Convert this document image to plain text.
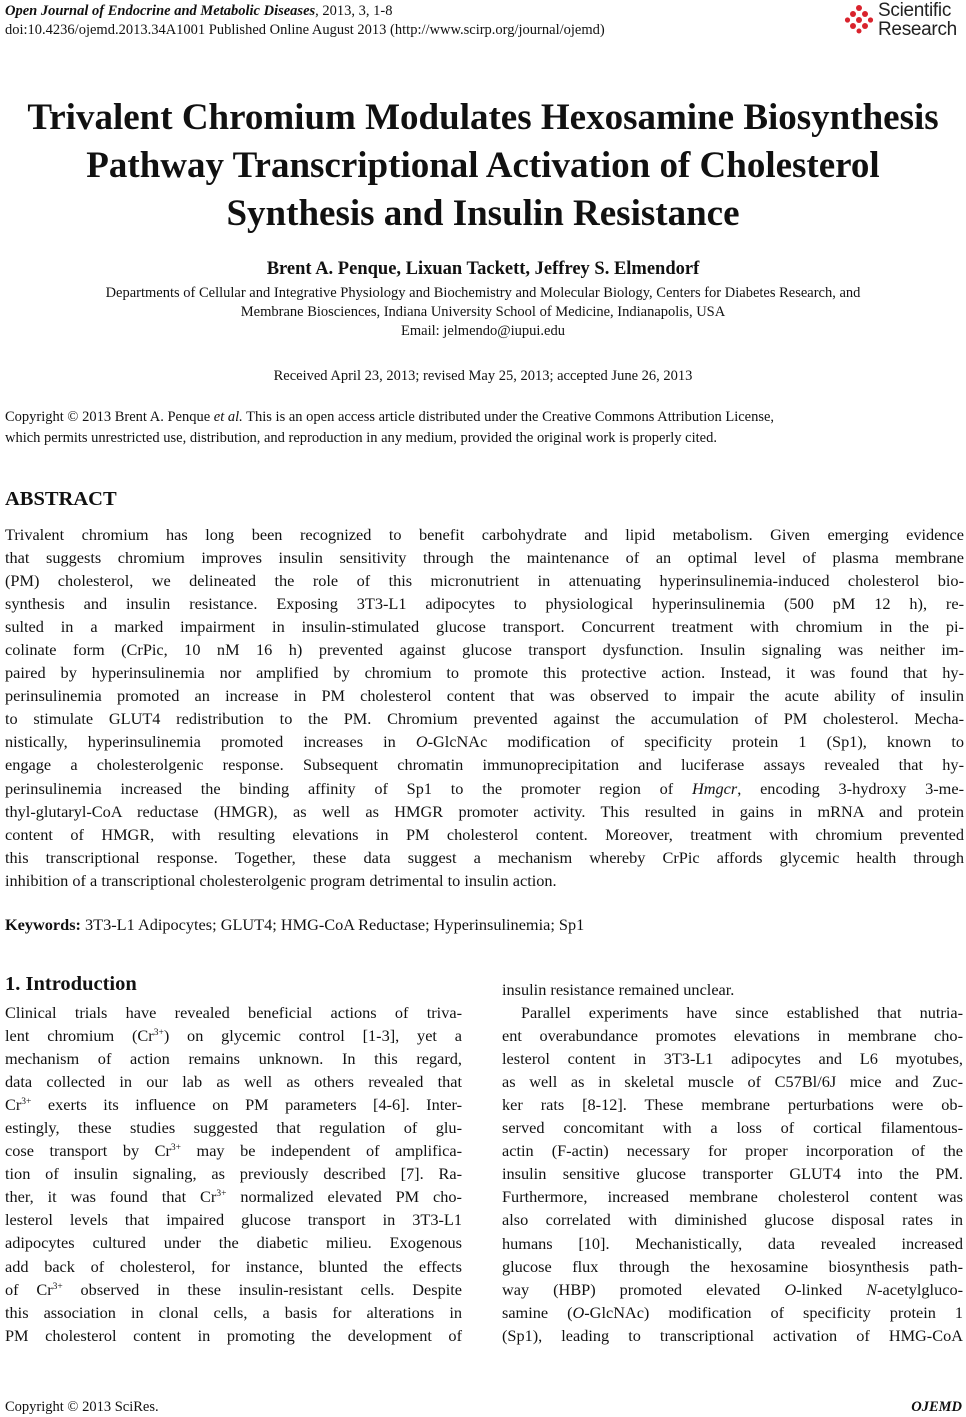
Open Journal of Endocrine and Metabolic Diseases, 2013, 3, 1-8
doi:10.4236/ojemd.2013.34A1001 Published Online August 2013 (http://www.scirp.org/journal/ojemd)
Scientific
Research
Trivalent Chromium Modulates Hexosamine Biosynthesis
Pathway Transcriptional Activation of Cholesterol
Synthesis and Insulin Resistance
Brent A. Penque, Lixuan Tackett, Jeffrey S. Elmendorf
Departments of Cellular and Integrative Physiology and Biochemistry and Molecular Biology, Centers for Diabetes Research, and
Membrane Biosciences, Indiana University School of Medicine, Indianapolis, USA
Email: jelmendo@iupui.edu
Received April 23, 2013; revised May 25, 2013; accepted June 26, 2013
Copyright © 2013 Brent A. Penque et al. This is an open access article distributed under the Creative Commons Attribution License,
which permits unrestricted use, distribution, and reproduction in any medium, provided the original work is properly cited.
ABSTRACT
Trivalent chromium has long been recognized to benefit carbohydrate and lipid metabolism. Given emerging evidence
that suggests chromium improves insulin sensitivity through the maintenance of an optimal level of plasma membrane
(PM) cholesterol, we delineated the role of this micronutrient in attenuating hyperinsulinemia-induced cholesterol bio-
synthesis and insulin resistance. Exposing 3T3-L1 adipocytes to physiological hyperinsulinemia (500 pM 12 h), re-
sulted in a marked impairment in insulin-stimulated glucose transport. Concurrent treatment with chromium in the pi-
colinate form (CrPic, 10 nM 16 h) prevented against glucose transport dysfunction. Insulin signaling was neither im-
paired by hyperinsulinemia nor amplified by chromium to promote this protective action. Instead, it was found that hy-
perinsulinemia promoted an increase in PM cholesterol content that was observed to impair the acute ability of insulin
to stimulate GLUT4 redistribution to the PM. Chromium prevented against the accumulation of PM cholesterol. Mecha-
nistically, hyperinsulinemia promoted increases in O-GlcNAc modification of specificity protein 1 (Sp1), known to
engage a cholesterolgenic response. Subsequent chromatin immunoprecipitation and luciferase assays revealed that hy-
perinsulinemia increased the binding affinity of Sp1 to the promoter region of Hmgcr, encoding 3-hydroxy 3-me-
thyl-glutaryl-CoA reductase (HMGR), as well as HMGR promoter activity. This resulted in gains in mRNA and protein
content of HMGR, with resulting elevations in PM cholesterol content. Moreover, treatment with chromium prevented
this transcriptional response. Together, these data suggest a mechanism whereby CrPic affords glycemic health through
inhibition of a transcriptional cholesterolgenic program detrimental to insulin action.
Keywords: 3T3-L1 Adipocytes; GLUT4; HMG-CoA Reductase; Hyperinsulinemia; Sp1
1. Introduction
Clinical trials have revealed beneficial actions of triva-
lent chromium $(Cr^{3+})$ on glycemic control [1-3], yet a
mechanism of action remains unknown. In this regard,
data collected in our lab as well as others revealed that
$Cr^{3+}$ exerts its influence on PM parameters [4-6]. Inter-
estingly, these studies suggested that regulation of glu-
cose transport by $Cr^{3+}$ may be independent of amplifica-
tion of insulin signaling, as previously described [7]. Ra-
ther, it was found that $Cr^{3+}$ normalized elevated PM cho-
lesterol levels that impaired glucose transport in 3T3-L1
adipocytes cultured under the diabetic milieu. Exogenous
add back of cholesterol, for instance, blunted the effects
of $Cr^{3+}$ observed in these insulin-resistant cells. Despite
this association in clonal cells, a basis for alterations in
PM cholesterol content in promoting the development of
insulin resistance remained unclear.
Parallel experiments have since established that nutria-
ent overabundance promotes elevations in membrane cho-
lesterol content in 3T3-L1 adipocytes and L6 myotubes,
as well as in skeletal muscle of C57Bl/6J mice and Zuc-
ker rats [8-12]. These membrane perturbations were ob-
served concomitant with a loss of cortical filamentous-
actin (F-actin) necessary for proper incorporation of the
insulin sensitive glucose transporter GLUT4 into the PM.
Furthermore, increased membrane cholesterol content was
also correlated with diminished glucose disposal rates in
humans [10]. Mechanistically, data revealed increased
glucose flux through the hexosamine biosynthesis path-
way (HBP) promoted elevated O-linked N-acetylgluco-
samine (O-GlcNAc) modification of specificity protein 1
(Sp1), leading to transcriptional activation of HMG-CoA
Copyright © 2013 SciRes.	OJEMD
